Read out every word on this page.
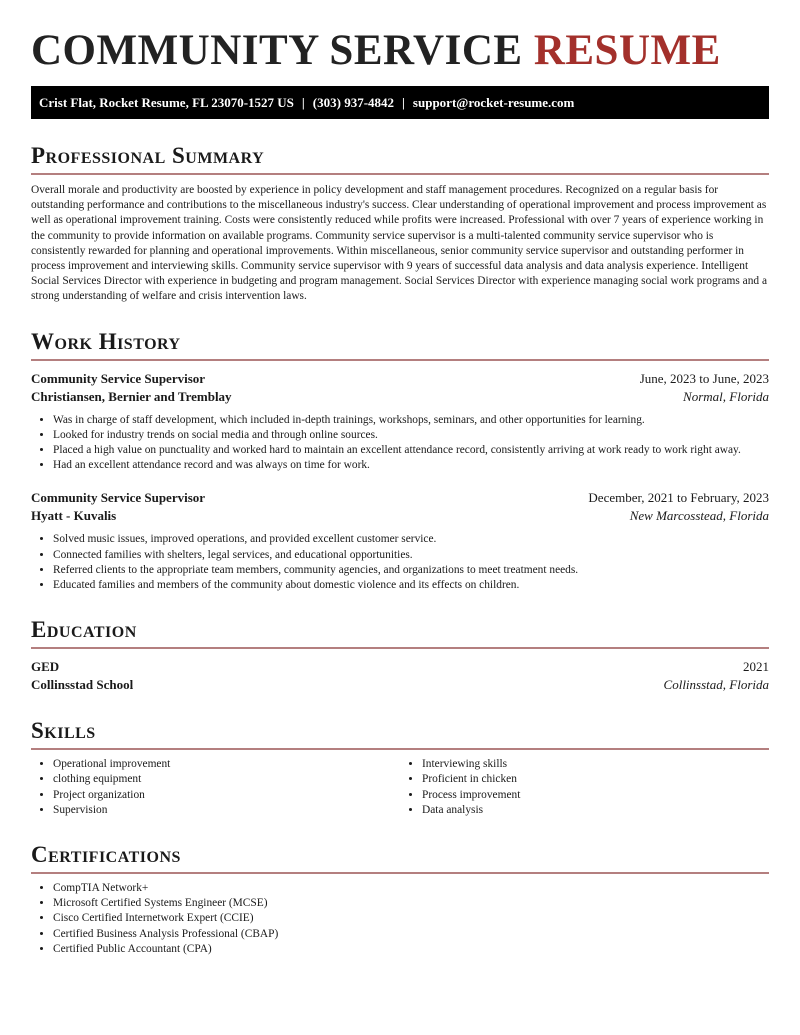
COMMUNITY SERVICE RESUME
Crist Flat, Rocket Resume, FL 23070-1527 US | (303) 937-4842 | support@rocket-resume.com
Professional Summary

Overall morale and productivity are boosted by experience in policy development and staff management procedures. Recognized on a regular basis for outstanding performance and contributions to the miscellaneous industry's success. Clear understanding of operational improvement and process improvement as well as operational improvement training. Costs were consistently reduced while profits were increased. Professional with over 7 years of experience working in the community to provide information on available programs. Community service supervisor is a multi-talented community service supervisor who is consistently rewarded for planning and operational improvements. Within miscellaneous, senior community service supervisor and outstanding performer in process improvement and interviewing skills. Community service supervisor with 9 years of successful data analysis and data analysis experience. Intelligent Social Services Director with experience in budgeting and program management. Social Services Director with experience managing social work programs and a strong understanding of welfare and crisis intervention laws.

Work History
Community Service Supervisor	June, 2023 to June, 2023
Christiansen, Bernier and Tremblay	Normal, Florida
• Was in charge of staff development, which included in-depth trainings, workshops, seminars, and other opportunities for learning.
• Looked for industry trends on social media and through online sources.
• Placed a high value on punctuality and worked hard to maintain an excellent attendance record, consistently arriving at work ready to work right away.
• Had an excellent attendance record and was always on time for work.
Community Service Supervisor	December, 2021 to February, 2023
Hyatt - Kuvalis	New Marcosstead, Florida
• Solved music issues, improved operations, and provided excellent customer service.
• Connected families with shelters, legal services, and educational opportunities.
• Referred clients to the appropriate team members, community agencies, and organizations to meet treatment needs.
• Educated families and members of the community about domestic violence and its effects on children.
Education
GED	2021
Collinsstad School	Collinsstad, Florida
Skills
• Operational improvement
• clothing equipment
• Project organization
• Supervision
• Interviewing skills
• Proficient in chicken
• Process improvement
• Data analysis
Certifications
• CompTIA Network+
• Microsoft Certified Systems Engineer (MCSE)
• Cisco Certified Internetwork Expert (CCIE)
• Certified Business Analysis Professional (CBAP)
• Certified Public Accountant (CPA)
